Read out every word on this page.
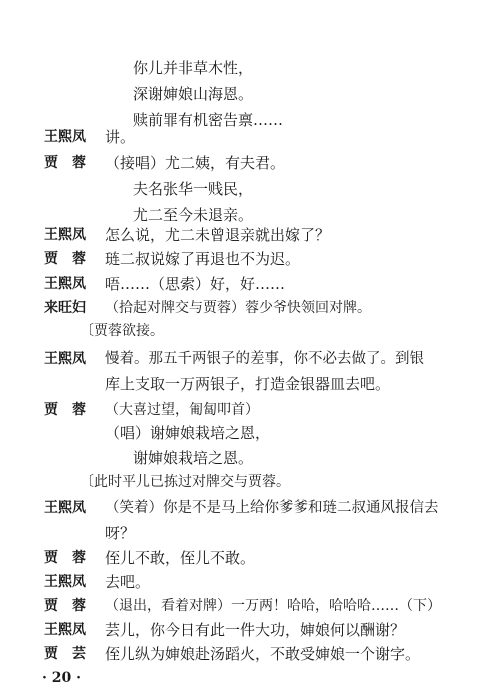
你儿并非草木性，
深谢婶娘山海恩。
赎前罪有机密告禀……
王熙凤 讲。
贾　蓉 （接唱）尤二姨，有夫君。
夫名张华一贱民，
尤二至今未退亲。
王熙凤 怎么说，尤二未曾退亲就出嫁了？
贾　蓉 琏二叔说嫁了再退也不为迟。
王熙凤 唔……（思索）好，好……
来旺妇 （拾起对牌交与贾蓉）蓉少爷快领回对牌。
〔贾蓉欲接。
王熙凤 慢着。那五千两银子的差事，你不必去做了。到银
库上支取一万两银子，打造金银器皿去吧。
贾　蓉 （大喜过望，匍匐叩首）
（唱）谢婶娘栽培之恩，
谢婶娘栽培之恩。
〔此时平儿已拣过对牌交与贾蓉。
王熙凤 （笑着）你是不是马上给你爹爹和琏二叔通风报信去
呀？
贾　蓉 侄儿不敢，侄儿不敢。
王熙凤 去吧。
贾　蓉 （退出，看着对牌）一万两！哈哈，哈哈哈……（下）
王熙凤 芸儿，你今日有此一件大功，婶娘何以酬谢？
贾　芸 侄儿纵为婶娘赴汤蹈火，不敢受婶娘一个谢字。
· 20 ·
